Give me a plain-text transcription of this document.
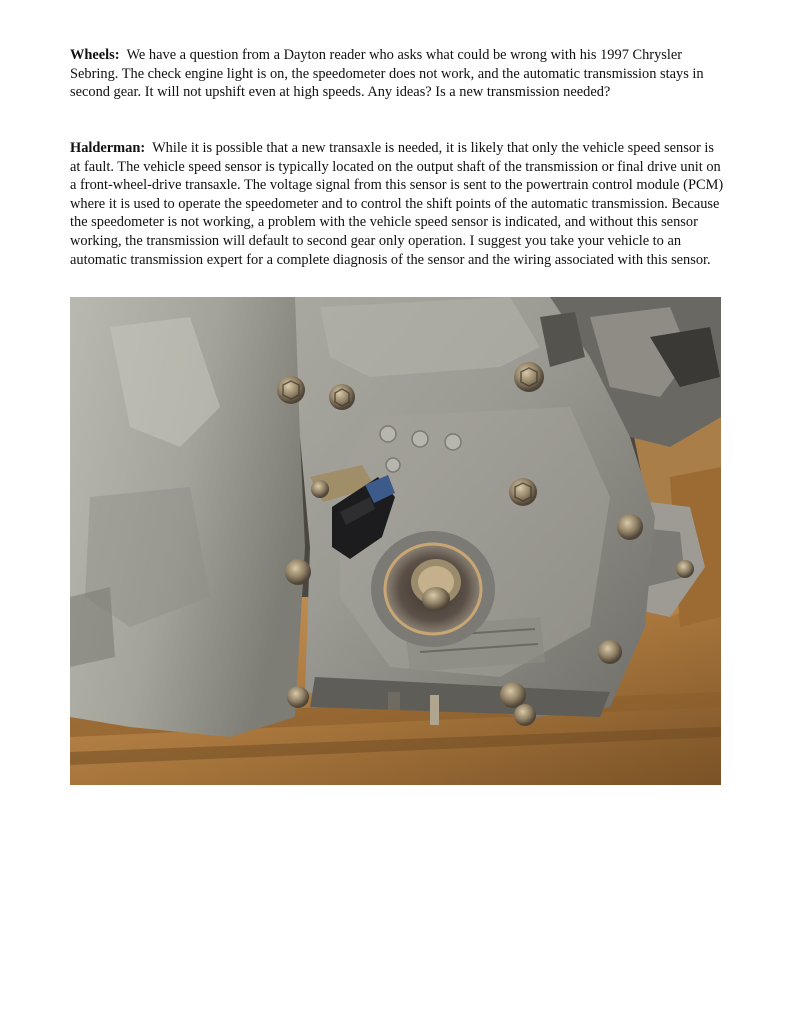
Wheels: We have a question from a Dayton reader who asks what could be wrong with his 1997 Chrysler Sebring. The check engine light is on, the speedometer does not work, and the automatic transmission stays in second gear. It will not upshift even at high speeds. Any ideas? Is a new transmission needed?

Halderman: While it is possible that a new transaxle is needed, it is likely that only the vehicle speed sensor is at fault. The vehicle speed sensor is typically located on the output shaft of the transmission or final drive unit on a front-wheel-drive transaxle. The voltage signal from this sensor is sent to the powertrain control module (PCM) where it is used to operate the speedometer and to control the shift points of the automatic transmission. Because the speedometer is not working, a problem with the vehicle speed sensor is indicated, and without this sensor working, the transmission will default to second gear only operation. I suggest you take your vehicle to an automatic transmission expert for a complete diagnosis of the sensor and the wiring associated with this sensor.
